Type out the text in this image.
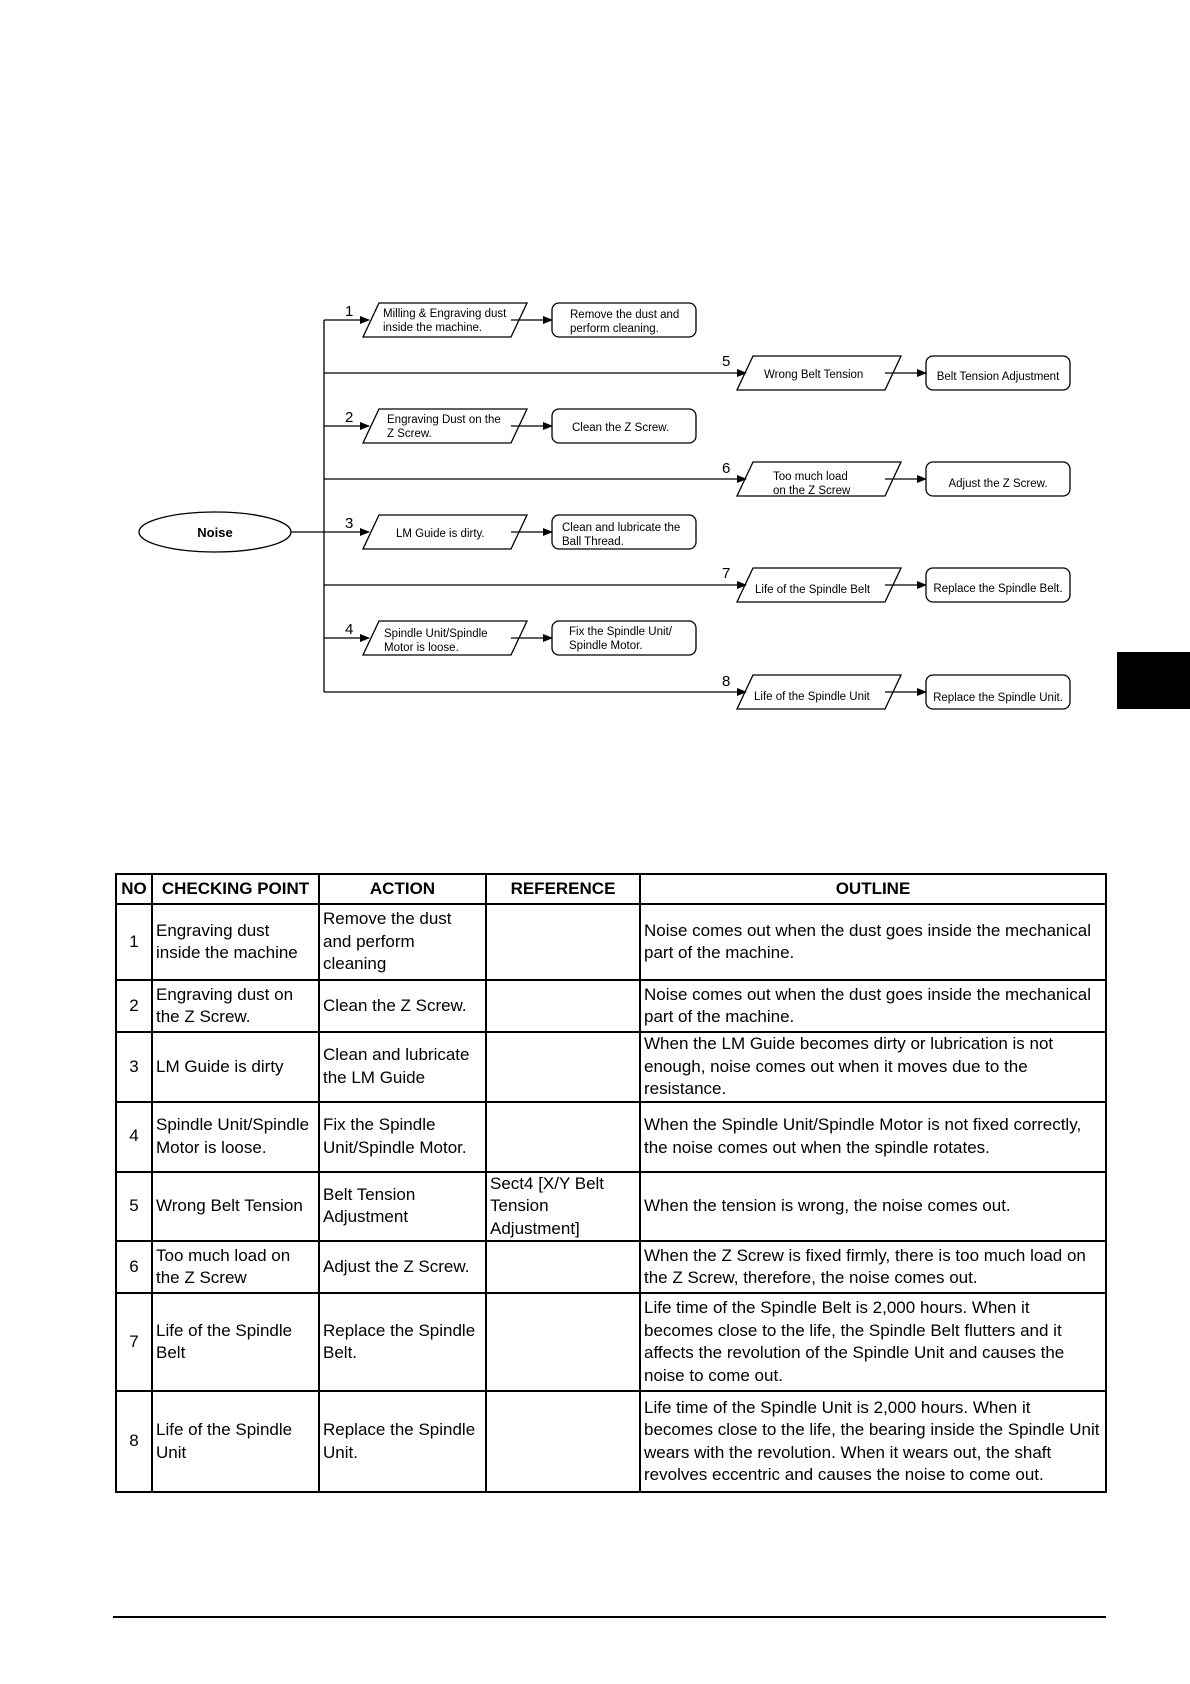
Noise
1
2
3
4
5
6
7
8
Milling & Engraving dust inside the machine.
Engraving Dust on the Z Screw.
LM Guide is dirty.
Spindle Unit/Spindle Motor is loose.
Wrong Belt Tension
Too much load on the Z Screw
Life of the Spindle Belt
Life of the Spindle Unit
Remove the dust and perform cleaning.
Clean the Z Screw.
Clean and lubricate the Ball Thread.
Fix the Spindle Unit/ Spindle Motor.
Belt Tension Adjustment
Adjust the Z Screw.
Replace the Spindle Belt.
Replace the Spindle Unit.
NO	CHECKING POINT	ACTION	REFERENCE	OUTLINE
1	Engraving dust inside the machine	Remove the dust and perform cleaning		Noise comes out when the dust goes inside the mechanical part of the machine.
2	Engraving dust on the Z Screw.	Clean the Z Screw.		Noise comes out when the dust goes inside the mechanical part of the machine.
3	LM Guide is dirty	Clean and lubricate the LM Guide		When the LM Guide becomes dirty or lubrication is not enough, noise comes out when it moves due to the resistance.
4	Spindle Unit/Spindle Motor is loose.	Fix the Spindle Unit/Spindle Motor.		When the Spindle Unit/Spindle Motor is not fixed correctly, the noise comes out when the spindle rotates.
5	Wrong Belt Tension	Belt Tension Adjustment	Sect4 [X/Y Belt Tension Adjustment]	When the tension is wrong, the noise comes out.
6	Too much load on the Z Screw	Adjust the Z Screw.		When the Z Screw is fixed firmly, there is too much load on the Z Screw, therefore, the noise comes out.
7	Life of the Spindle Belt	Replace the Spindle Belt.		Life time of the Spindle Belt is 2,000 hours. When it becomes close to the life, the Spindle Belt flutters and it affects the revolution of the Spindle Unit and causes the noise to come out.
8	Life of the Spindle Unit	Replace the Spindle Unit.		Life time of the Spindle Unit is 2,000 hours. When it becomes close to the life, the bearing inside the Spindle Unit wears with the revolution. When it wears out, the shaft revolves eccentric and causes the noise to come out.
